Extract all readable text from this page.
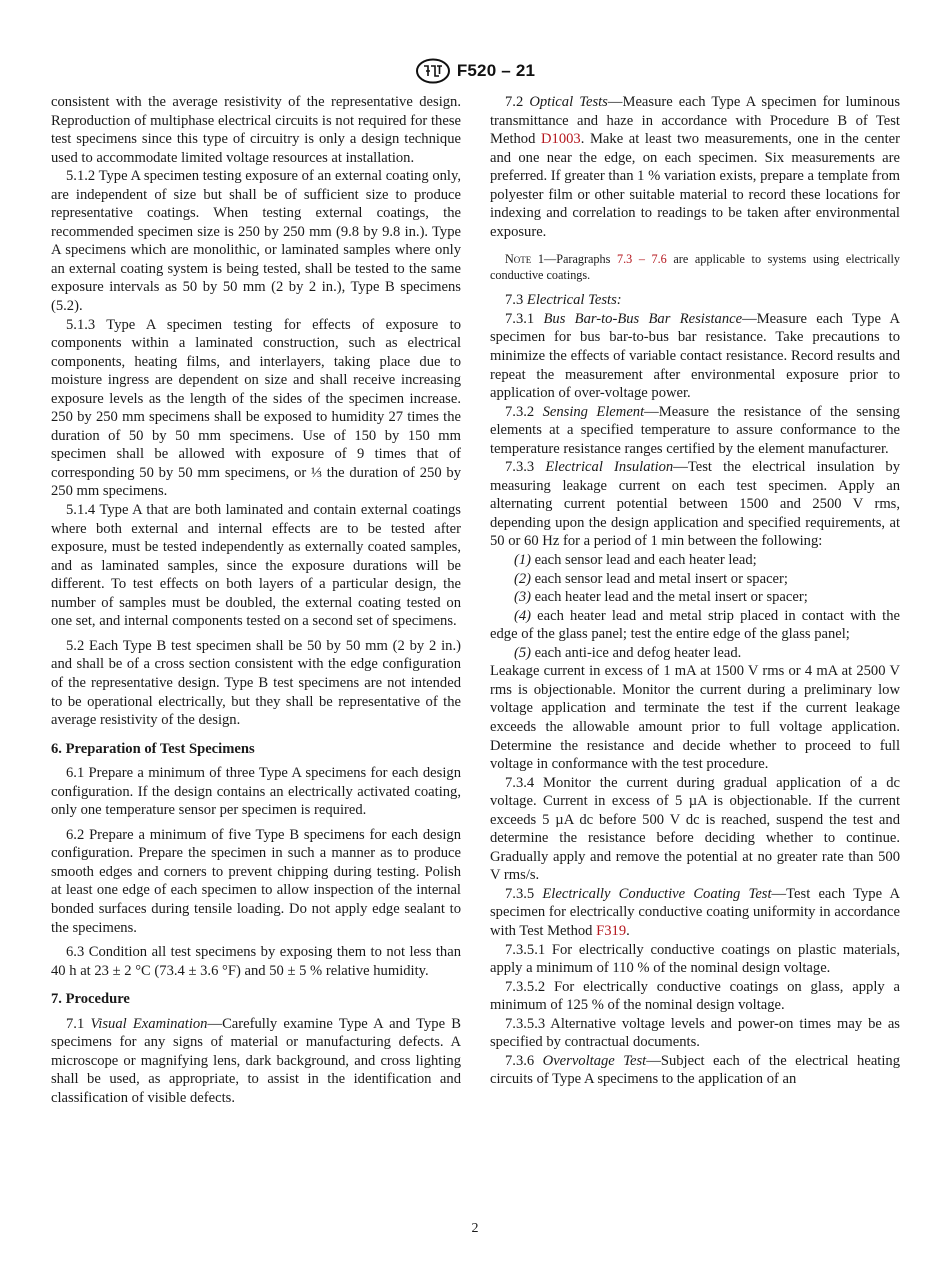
F520 – 21

consistent with the average resistivity of the representative design. Reproduction of multiphase electrical circuits is not required for these test specimens since this type of circuitry is only a design technique used to accommodate limited voltage resources at installation.

5.1.2 Type A specimen testing exposure of an external coating only, are independent of size but shall be of sufficient size to produce representative coatings. When testing external coatings, the recommended specimen size is 250 by 250 mm (9.8 by 9.8 in.). Type A specimens which are monolithic, or laminated samples where only an external coating system is being tested, shall be tested to the same exposure intervals as 50 by 50 mm (2 by 2 in.), Type B specimens (5.2).

5.1.3 Type A specimen testing for effects of exposure to components within a laminated construction, such as electrical components, heating films, and interlayers, taking place due to moisture ingress are dependent on size and shall receive increasing exposure levels as the length of the sides of the specimen increase. 250 by 250 mm specimens shall be exposed to humidity 27 times the duration of 50 by 50 mm specimens. Use of 150 by 150 mm specimen shall be allowed with exposure of 9 times that of corresponding 50 by 50 mm specimens, or ⅓ the duration of 250 by 250 mm specimens.

5.1.4 Type A that are both laminated and contain external coatings where both external and internal effects are to be tested after exposure, must be tested independently as externally coated samples, and as laminated samples, since the exposure durations will be different. To test effects on both layers of a particular design, the number of samples must be doubled, the external coating tested on one set, and internal components tested on a second set of specimens.

5.2 Each Type B test specimen shall be 50 by 50 mm (2 by 2 in.) and shall be of a cross section consistent with the edge configuration of the representative design. Type B test specimens are not intended to be operational electrically, but they shall be representative of the average resistivity of the design.

6. Preparation of Test Specimens

6.1 Prepare a minimum of three Type A specimens for each design configuration. If the design contains an electrically activated coating, only one temperature sensor per specimen is required.

6.2 Prepare a minimum of five Type B specimens for each design configuration. Prepare the specimen in such a manner as to produce smooth edges and corners to prevent chipping during testing. Polish at least one edge of each specimen to allow inspection of the internal bonded surfaces during tensile loading. Do not apply edge sealant to the specimens.

6.3 Condition all test specimens by exposing them to not less than 40 h at 23 ± 2 °C (73.4 ± 3.6 °F) and 50 ± 5 % relative humidity.

7. Procedure

7.1 Visual Examination—Carefully examine Type A and Type B specimens for any signs of material or manufacturing defects. A microscope or magnifying lens, dark background, and cross lighting shall be used, as appropriate, to assist in the identification and classification of visible defects.

7.2 Optical Tests—Measure each Type A specimen for luminous transmittance and haze in accordance with Procedure B of Test Method D1003. Make at least two measurements, one in the center and one near the edge, on each specimen. Six measurements are preferred. If greater than 1 % variation exists, prepare a template from polyester film or other suitable material to record these locations for indexing and correlation to readings to be taken after environmental exposure.

Note 1—Paragraphs 7.3 – 7.6 are applicable to systems using electrically conductive coatings.

7.3 Electrical Tests:

7.3.1 Bus Bar-to-Bus Bar Resistance—Measure each Type A specimen for bus bar-to-bus bar resistance. Take precautions to minimize the effects of variable contact resistance. Record results and repeat the measurement after environmental exposure prior to application of over-voltage power.

7.3.2 Sensing Element—Measure the resistance of the sensing elements at a specified temperature to assure conformance to the temperature resistance ranges certified by the element manufacturer.

7.3.3 Electrical Insulation—Test the electrical insulation by measuring leakage current on each test specimen. Apply an alternating current potential between 1500 and 2500 V rms, depending upon the design application and specified requirements, at 50 or 60 Hz for a period of 1 min between the following:

(1) each sensor lead and each heater lead;

(2) each sensor lead and metal insert or spacer;

(3) each heater lead and the metal insert or spacer;

(4) each heater lead and metal strip placed in contact with the edge of the glass panel; test the entire edge of the glass panel;

(5) each anti-ice and defog heater lead.

Leakage current in excess of 1 mA at 1500 V rms or 4 mA at 2500 V rms is objectionable. Monitor the current during a preliminary low voltage application and terminate the test if the current leakage exceeds the allowable amount prior to full voltage application. Determine the resistance and decide whether to proceed to full voltage in conformance with the test procedure.

7.3.4 Monitor the current during gradual application of a dc voltage. Current in excess of 5 µA is objectionable. If the current exceeds 5 µA dc before 500 V dc is reached, suspend the test and determine the resistance before deciding whether to continue. Gradually apply and remove the potential at no greater rate than 500 V rms/s.

7.3.5 Electrically Conductive Coating Test—Test each Type A specimen for electrically conductive coating uniformity in accordance with Test Method F319.

7.3.5.1 For electrically conductive coatings on plastic materials, apply a minimum of 110 % of the nominal design voltage.

7.3.5.2 For electrically conductive coatings on glass, apply a minimum of 125 % of the nominal design voltage.

7.3.5.3 Alternative voltage levels and power-on times may be as specified by contractual documents.

7.3.6 Overvoltage Test—Subject each of the electrical heating circuits of Type A specimens to the application of an

2
